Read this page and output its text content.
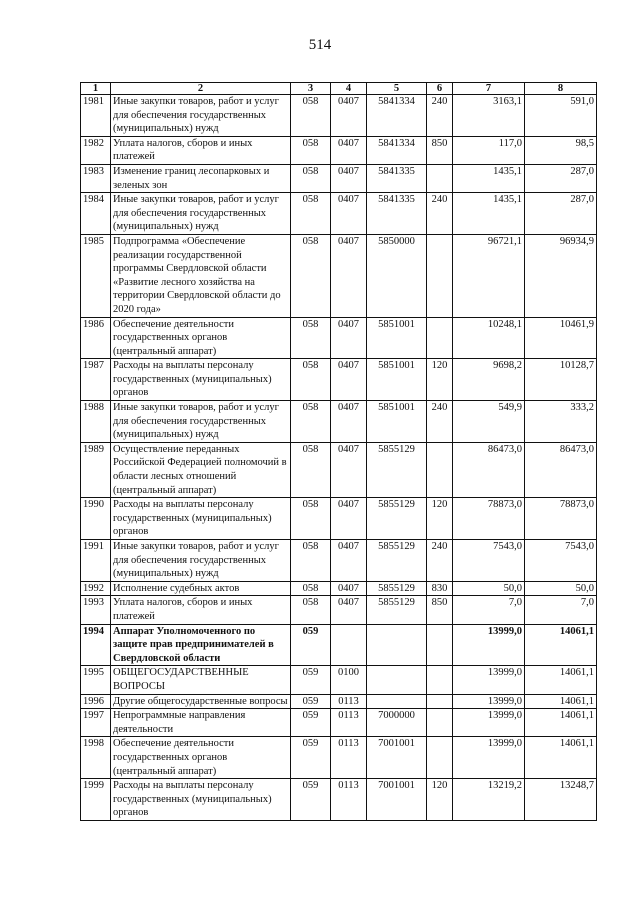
514
1	2	3	4	5	6	7	8
1981	Иные закупки товаров, работ и услуг для обеспечения государственных (муниципальных) нужд	058	0407	5841334	240	3163,1	591,0
1982	Уплата налогов, сборов и иных платежей	058	0407	5841334	850	117,0	98,5
1983	Изменение границ лесопарковых и зеленых зон	058	0407	5841335		1435,1	287,0
1984	Иные закупки товаров, работ и услуг для обеспечения государственных (муниципальных) нужд	058	0407	5841335	240	1435,1	287,0
1985	Подпрограмма «Обеспечение реализации государственной программы Свердловской области «Развитие лесного хозяйства на территории Свердловской области до 2020 года»	058	0407	5850000		96721,1	96934,9
1986	Обеспечение деятельности государственных органов (центральный аппарат)	058	0407	5851001		10248,1	10461,9
1987	Расходы на выплаты персоналу государственных (муниципальных) органов	058	0407	5851001	120	9698,2	10128,7
1988	Иные закупки товаров, работ и услуг для обеспечения государственных (муниципальных) нужд	058	0407	5851001	240	549,9	333,2
1989	Осуществление переданных Российской Федерацией полномочий в области лесных отношений (центральный аппарат)	058	0407	5855129		86473,0	86473,0
1990	Расходы на выплаты персоналу государственных (муниципальных) органов	058	0407	5855129	120	78873,0	78873,0
1991	Иные закупки товаров, работ и услуг для обеспечения государственных (муниципальных) нужд	058	0407	5855129	240	7543,0	7543,0
1992	Исполнение судебных актов	058	0407	5855129	830	50,0	50,0
1993	Уплата налогов, сборов и иных платежей	058	0407	5855129	850	7,0	7,0
1994	Аппарат Уполномоченного по защите прав предпринимателей в Свердловской области	059				13999,0	14061,1
1995	ОБЩЕГОСУДАРСТВЕННЫЕ ВОПРОСЫ	059	0100			13999,0	14061,1
1996	Другие общегосударственные вопросы	059	0113			13999,0	14061,1
1997	Непрограммные направления деятельности	059	0113	7000000		13999,0	14061,1
1998	Обеспечение деятельности государственных органов (центральный аппарат)	059	0113	7001001		13999,0	14061,1
1999	Расходы на выплаты персоналу государственных (муниципальных) органов	059	0113	7001001	120	13219,2	13248,7
